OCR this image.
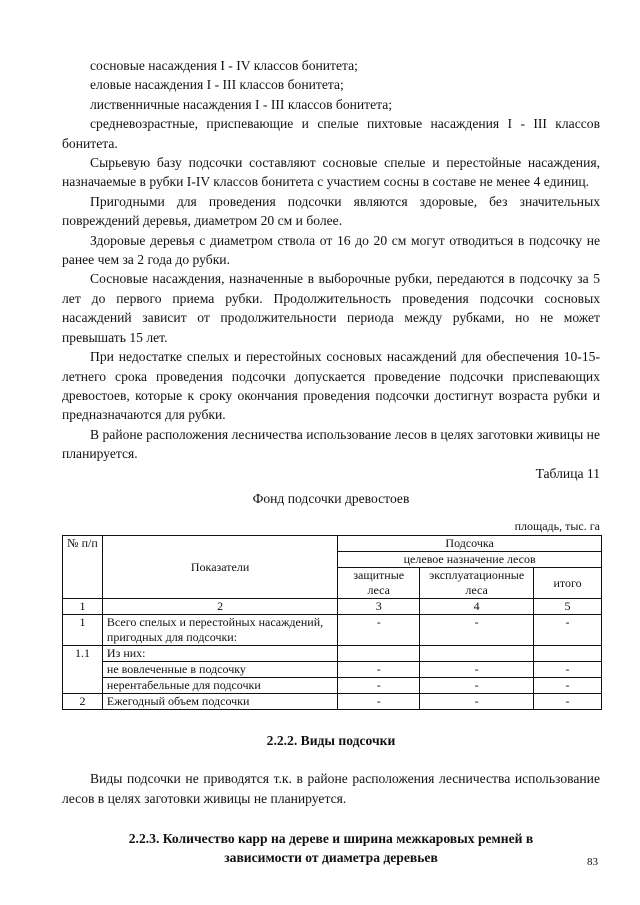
сосновые насаждения I - IV классов бонитета;

еловые насаждения I - III классов бонитета;

лиственничные насаждения I - III классов бонитета;

средневозрастные, приспевающие и спелые пихтовые насаждения I - III классов бонитета.

Сырьевую базу подсочки составляют сосновые спелые и перестойные насаждения, назначаемые в рубки I-IV классов бонитета с участием сосны в составе не менее 4 единиц.

Пригодными для проведения подсочки являются здоровые, без значительных повреждений деревья, диаметром 20 см и более.

Здоровые деревья с диаметром ствола от 16 до 20 см могут отводиться в подсочку не ранее чем за 2 года до рубки.

Сосновые насаждения, назначенные в выборочные рубки, передаются в подсочку за 5 лет до первого приема рубки. Продолжительность проведения подсочки сосновых насаждений зависит от продолжительности периода между рубками, но не может превышать 15 лет.

При недостатке спелых и перестойных сосновых насаждений для обеспечения 10-15-летнего срока проведения подсочки допускается проведение подсочки приспевающих древостоев, которые к сроку окончания проведения подсочки достигнут возраста рубки и предназначаются для рубки.

В районе расположения лесничества использование лесов в целях заготовки живицы не планируется.

Таблица 11

Фонд подсочки древостоев

площадь, тыс. га
№ п/п	Показатели	Подсочка		
		целевое назначение лесов		
		защитные леса	эксплуатационные леса	итого
1	2	3	4	5
1	Всего спелых и перестойных насаждений, пригодных для подсочки:	-	-	-
1.1	Из них:			
	не вовлеченные в подсочку	-	-	-
	нерентабельные для подсочки	-	-	-
2	Ежегодный объем подсочки	-	-	-

2.2.2. Виды подсочки

Виды подсочки не приводятся т.к. в районе расположения лесничества использование лесов в целях заготовки живицы не планируется.

2.2.3. Количество карр на дереве и ширина межкаровых ремней в зависимости от диаметра деревьев	83
